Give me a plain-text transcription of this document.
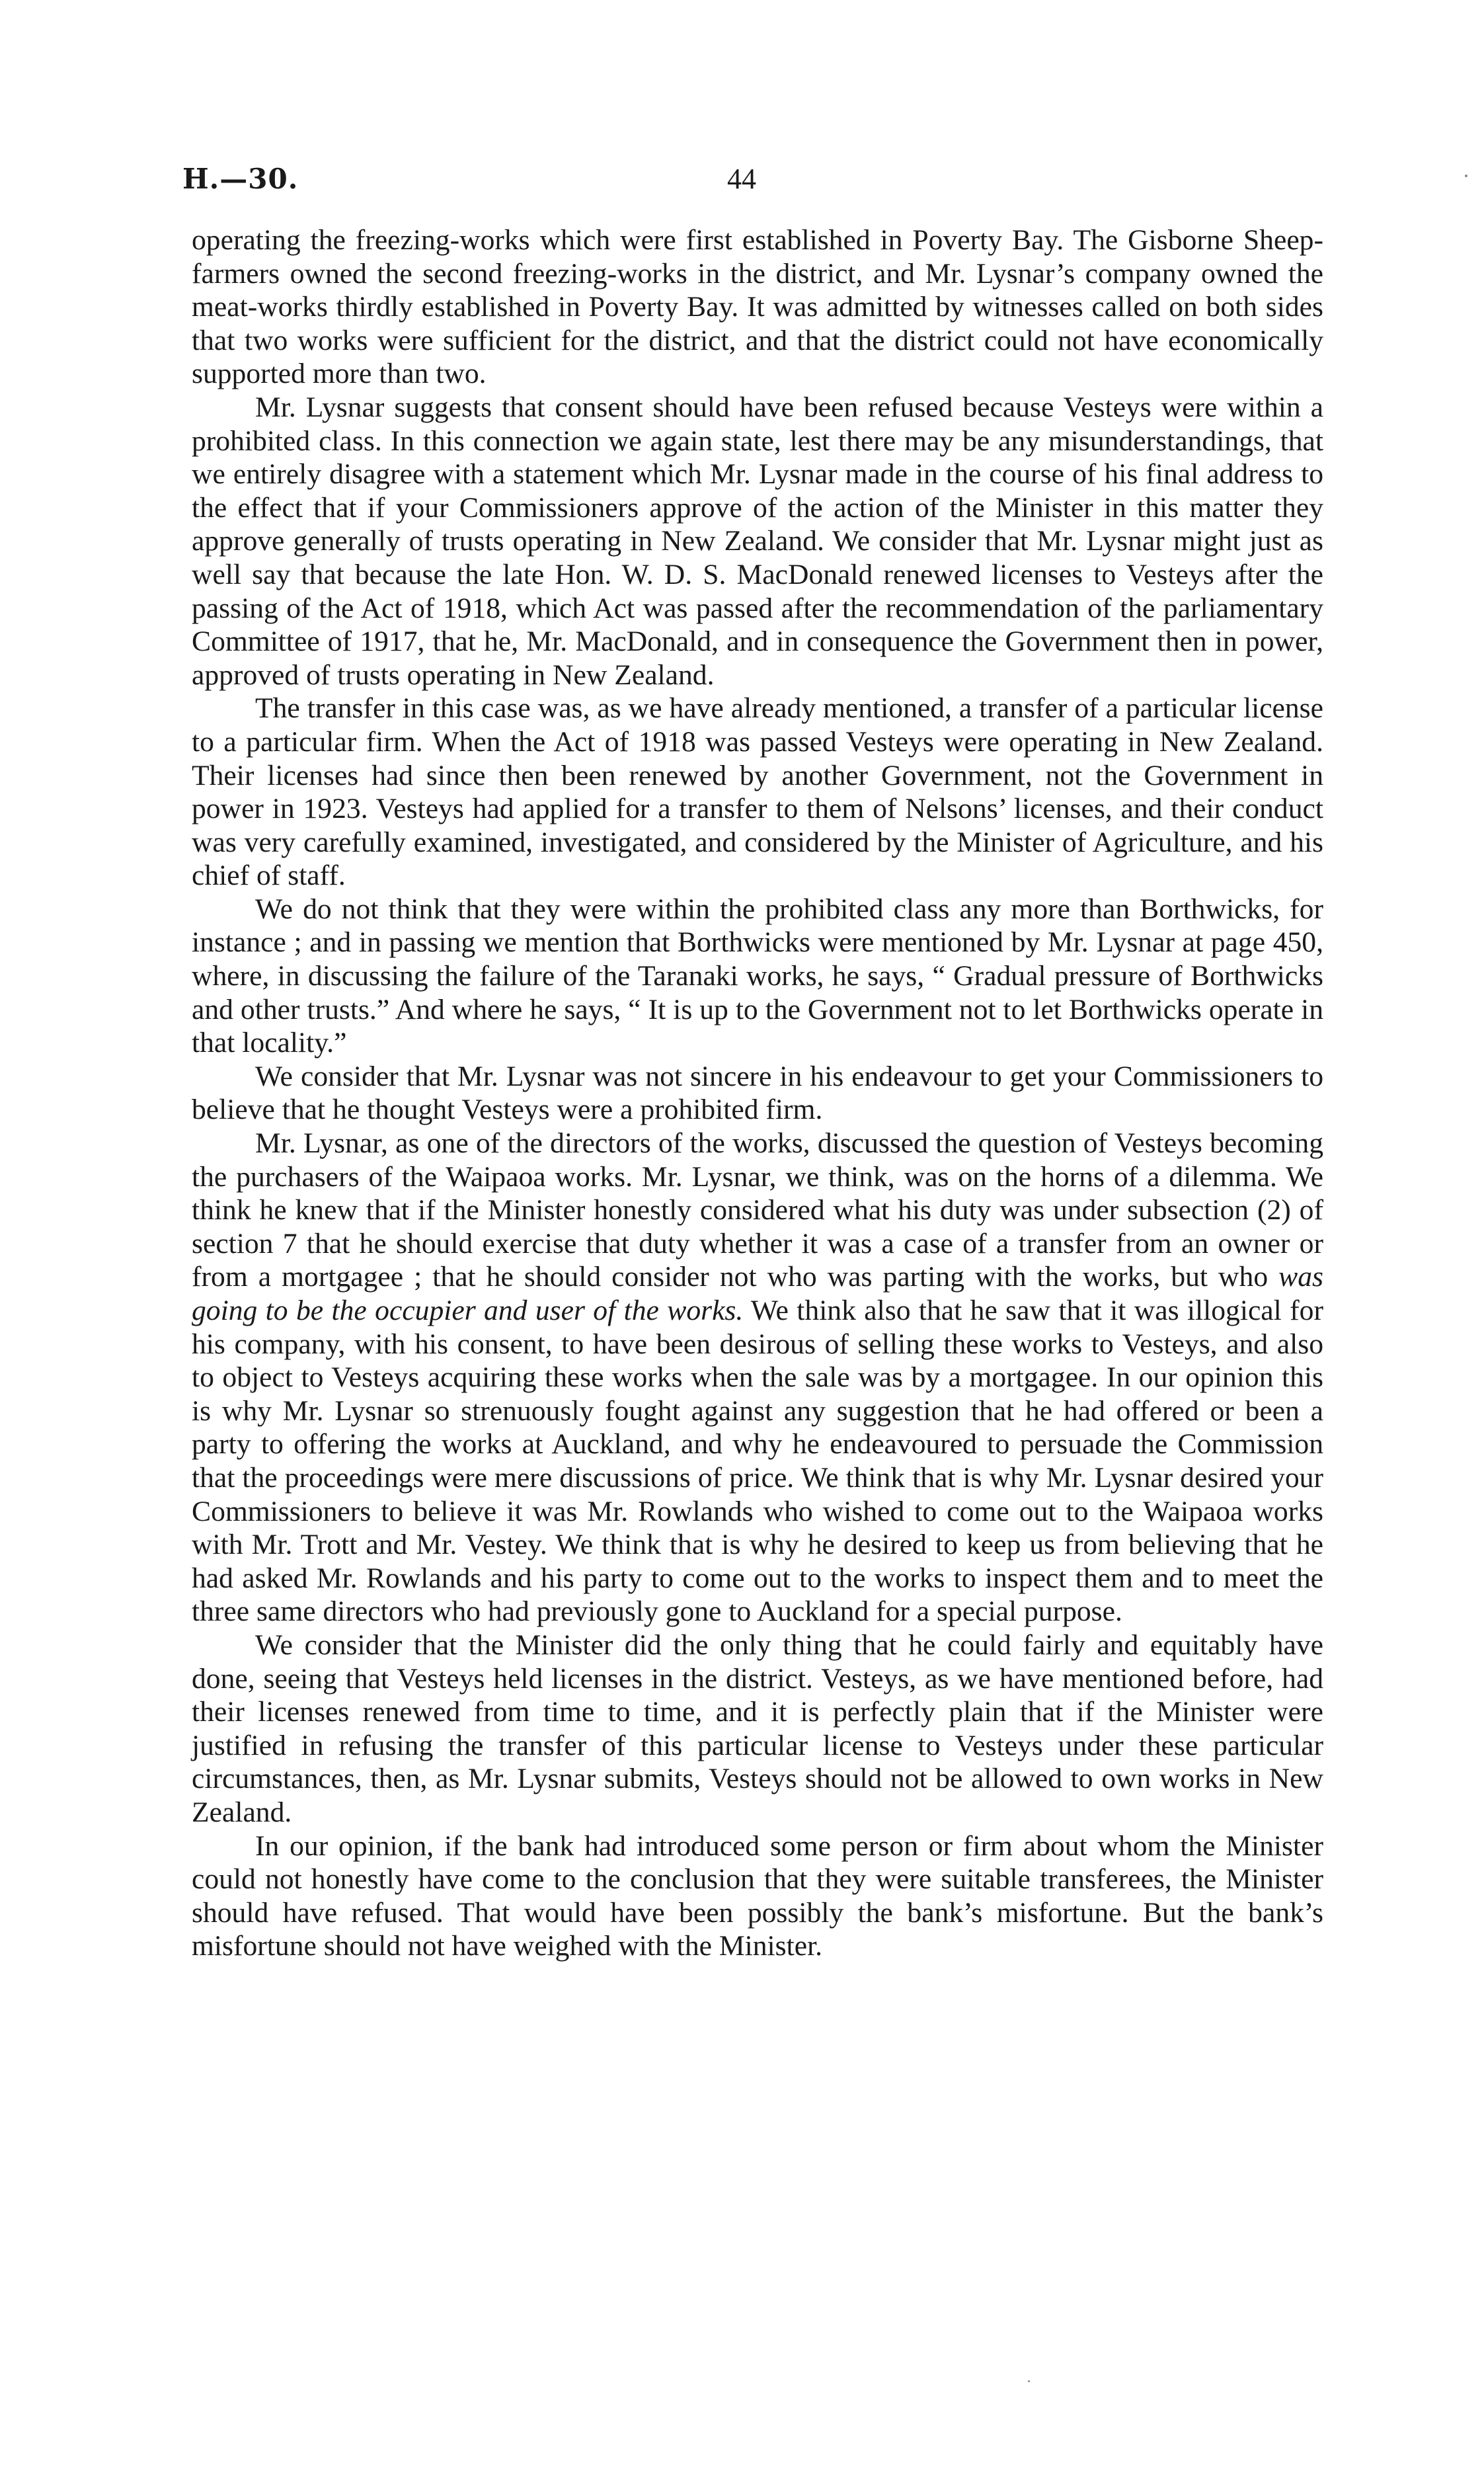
H.—30.	44

operating the freezing-works which were first established in Poverty Bay. The Gisborne Sheep-farmers owned the second freezing-works in the district, and Mr. Lysnar’s company owned the meat-works thirdly established in Poverty Bay. It was admitted by witnesses called on both sides that two works were sufficient for the district, and that the district could not have economically supported more than two.

Mr. Lysnar suggests that consent should have been refused because Vesteys were within a prohibited class. In this connection we again state, lest there may be any misunderstandings, that we entirely disagree with a statement which Mr. Lysnar made in the course of his final address to the effect that if your Commissioners approve of the action of the Minister in this matter they approve generally of trusts operating in New Zealand. We consider that Mr. Lysnar might just as well say that because the late Hon. W. D. S. MacDonald renewed licenses to Vesteys after the passing of the Act of 1918, which Act was passed after the recommendation of the parliamentary Committee of 1917, that he, Mr. MacDonald, and in consequence the Government then in power, approved of trusts operating in New Zealand.

The transfer in this case was, as we have already mentioned, a transfer of a particular license to a particular firm. When the Act of 1918 was passed Vesteys were operating in New Zealand. Their licenses had since then been renewed by another Government, not the Government in power in 1923. Vesteys had applied for a transfer to them of Nelsons’ licenses, and their conduct was very carefully examined, investigated, and considered by the Minister of Agriculture, and his chief of staff.

We do not think that they were within the prohibited class any more than Borthwicks, for instance ; and in passing we mention that Borthwicks were mentioned by Mr. Lysnar at page 450, where, in discussing the failure of the Taranaki works, he says, “ Gradual pressure of Borthwicks and other trusts.” And where he says, “ It is up to the Government not to let Borthwicks operate in that locality.”

We consider that Mr. Lysnar was not sincere in his endeavour to get your Commissioners to believe that he thought Vesteys were a prohibited firm.

Mr. Lysnar, as one of the directors of the works, discussed the question of Vesteys becoming the purchasers of the Waipaoa works. Mr. Lysnar, we think, was on the horns of a dilemma. We think he knew that if the Minister honestly considered what his duty was under subsection (2) of section 7 that he should exercise that duty whether it was a case of a transfer from an owner or from a mortgagee ; that he should consider not who was parting with the works, but who was going to be the occupier and user of the works. We think also that he saw that it was illogical for his company, with his consent, to have been desirous of selling these works to Vesteys, and also to object to Vesteys acquiring these works when the sale was by a mortgagee. In our opinion this is why Mr. Lysnar so strenuously fought against any suggestion that he had offered or been a party to offering the works at Auckland, and why he endeavoured to persuade the Commission that the proceedings were mere discussions of price. We think that is why Mr. Lysnar desired your Commissioners to believe it was Mr. Rowlands who wished to come out to the Waipaoa works with Mr. Trott and Mr. Vestey. We think that is why he desired to keep us from believing that he had asked Mr. Rowlands and his party to come out to the works to inspect them and to meet the three same directors who had previously gone to Auckland for a special purpose.

We consider that the Minister did the only thing that he could fairly and equitably have done, seeing that Vesteys held licenses in the district. Vesteys, as we have mentioned before, had their licenses renewed from time to time, and it is perfectly plain that if the Minister were justified in refusing the transfer of this particular license to Vesteys under these particular circumstances, then, as Mr. Lysnar submits, Vesteys should not be allowed to own works in New Zealand.

In our opinion, if the bank had introduced some person or firm about whom the Minister could not honestly have come to the conclusion that they were suitable transferees, the Minister should have refused. That would have been possibly the bank’s misfortune. But the bank’s misfortune should not have weighed with the Minister.
